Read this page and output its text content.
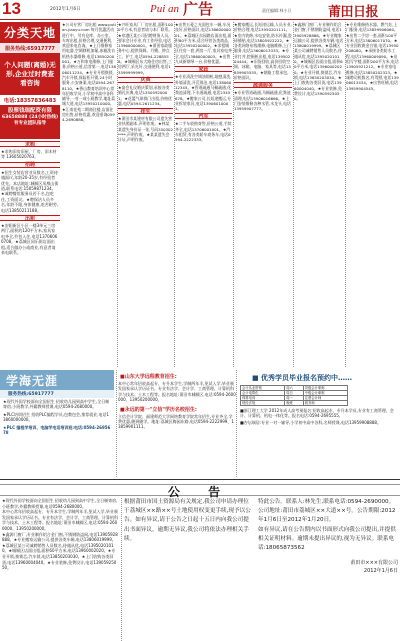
13	2012年1月6日	Pui an 广告	责任编辑:林小旦	莆田日报
分类天地
服务热线:65917777
个人问题(离婚)无
形,企业过时费查
看咨询
电话:18357836483
股票钱瑞配资有限
63658888 (24小时热线)
有专业团队指导
求购
★求购旧房旧屋、厂房、旧木材等 13605020763。
招聘
★招生女装店营业员数名,工资待遇面议,年龄20-35岁,有经验者优先。本店地址:城厢区凤凰山街道,联系电话:15059871234。★诚聘餐馆服务员若干名,包吃住,工资面议。★聘保洁人员多名,年龄不限,身体健康,吃苦耐劳,电话13850211188。
出租
★安阳新区小区一楼3单元三房两厅,面积约120平方米,家具家电齐全,拎包入住,电话13706060708。★荔城区同乐街店面出租,适合做办公或商业,有意者请来电联系。
★公司专营厂房出租 www.putian-jiaoyu.com 每月优惠活动进行中。另有仓库、办公室、车库出租,价格合理,交通便利,欢迎来电咨询。★上门维修家用电器,空调移机加氟,冰箱洗衣机热水器维修,电话13850200001。★万和家电维修,上门服务,价格公道,信誉第一,电话13806011234。★专业开锁换锁,汽车开锁,保险柜开锁,24小时服务,公安备案,电话0594-2678110。★香山教育培训中心常年招收学员,小学初中高中各科辅导,一对一或小班教学,地址荔城大道,电话13950210000。★江南花苑二期商住楼,店面住房出售,价格优惠,欢迎垂询0594-2690888。
★兴旺家具厂厂房出租,面积1000平方米,有意者请与本厂联系。★泉港区某公司招聘财务人员,要求会计专业,有工作经验,电话13960000001。★莆田家政服务中心,提供保姆、月嫂、钟点工、护工,电话0594-2288558。★城厢区东大路住房出售,三房两厅,采光好,交通便利,电话13599999999。
庆典
★宴会礼仪婚庆策划,承接各类婚礼庆典,电话13505920001。★花篮气球拱门出租,价格优惠,电话0594-2611234。
挂失
★莆田市某建材有限公司遗失营业执照副本,声明作废。★林某某遗失身份证一张,号码350302****,声明作废。★某某遗失会计证,声明作废。
★出售五菱之光面包车一辆,车况良好,价格面议,电话13860000001。★荔城区东园路店面出租,面积80平方米,适合经营各类商品,电话13950200002。★求租城区住房一套,两房一厅,家具家电齐全,电话13860000003。★出售九成新钢琴一台,价格优惠。
家政
★专业清洗空调油烟机,地毯清洗,外墙清洗,开荒保洁,电话13806012345。★管道疏通马桶疏通,化粪池清理,下水道疏通,电话2345678。★搬家公司,长短途搬运,专业拆装家具,电话13906010001。
汽车
★二手车收购寄售,价格公道,手续齐全,电话13706001001。★汽车租赁,有各类轿车商务车,电话0594-2222333。
★搬家搬运,长短途运输,人员专业,价格合理,电话13950201111。★室内装修,水电安装,防水补漏,瓷砖铺贴,电话13805922222。★各类网络布线维修,电脑维修,上门服务,电话13606013333。★专业打井,挖掘机出租,电话13950204444。★旧货回收,高价回收空调、冰箱、电脑、家具等,电话13859905555。★钢筋工程承包,价格面议。
疏通服务
★专业管道疏通,马桶疏通,化粪池清理,电话13906016666。★上门安装维修各种水管,水龙头,电话13959907777。
★鑫源门窗厂,专业制作铝合金门窗,不锈钢防盗网,电话13905928888。★专业搬家运输公司,提供各类车辆,电话13806019999。★荔城区某公司诚聘销售人员数名,待遇从优,电话13950201010。★城厢区店面出租,面积60平方米,电话13960002020。★专业开锁,换锁芯,汽车锁,电话13850203030。★上门收购各类旧货,电话13960004040。★专业装修,免费设计,电话13905925050。
★专业维修热水器、燃气灶,上门服务,电话13859906060。★出售二手房一套,面积100平方米,电话13806017070。★专业回收黄金白银,电话13950208080。★承接各类防水工程,电话13960009090。★出租写字楼,面积200平方米,电话13905921212。★专业家电维修,电话13850202323。★诚聘司机数名,有驾照,电话13906013434。★出售旺铺,电话13959904545。
学海无涯
服务热线:65917777
★现代外国学校面向全国招生 招收幼儿园到高中学生,全日制寄宿,小班教学,外籍教师授课,电话0594-2680000。
★PLC培训招生 招收PLC编程学员,包教包会,推荐就业,电话13860000000。
★PLC 编程学培训、电脑学电话培训班:电话:0594-2695678
■山东大学远程教育招生:
本中心常年招收高起专、专升本学生,学制两年半,免试入学,毕业颁发国家承认学历证书。专业有法学、会计学、工商管理、计算机科学与技术、土木工程等。报名地址:莆田市城厢区,电话:0594-2600000、13950200000。
■永远的第一"立信"学历名校招生:
立信会计学院、福建师范大学网络教育学院常年招生,专业齐全,学费优惠,随到随学。地址:荔城区梅园东路,电话0594-2222999、13859901111。
■ 优秀学员毕业报名预约中……
会计从业资格	周六	初级会计职称
会计电算化	周日	中级会计职称
珠算培训	周一	注册会计师
财经法规	晚班	税务师
■浙江理工大学 2012年成人高考预报名:招收高起专、专升本学员,专业有工商管理、会计、计算机、机电一体化等。报名电话:0594-2695555。
■杏坛瑞居:专业一对一辅导,小学初中高中各科,名师授课,电话13959908888。
公 告
★现代外国学校面向全国招生 招收幼儿园到高中学生,全日制寄宿,小班教学,外籍教师授课,电话0594-2680000。
本中心常年招收高起专、专升本学生,学制两年半,免试入学,毕业颁发国家承认学历证书。专业有法学、会计学、工商管理、计算机科学与技术、土木工程等。报名地址:莆田市城厢区,电话:0594-2600000、13950200000。
★鑫源门窗厂,专业制作铝合金门窗,不锈钢防盗网,电话13905928888。★专业搬家运输公司,提供各类车辆,电话13806019999。★荔城区某公司诚聘销售人员数名,待遇从优,电话13950201010。★城厢区店面出租,面积60平方米,电话13960002020。★专业开锁,换锁芯,汽车锁,电话13850203030。★上门收购各类旧货,电话13960004040。★专业装修,免费设计,电话13905925050。
根据莆田市国土资源局有关规定,我公司申请办理位于荔城区××路××号土地使用权变更手续,现予以公告。如有异议,请于公告之日起十五日内向我公司提出书面异议。逾期无异议,我公司将依法办理相关手续。
特此公告。联系人:林先生,联系电话:0594-2690000。公司地址:莆田市荔城区××大道××号。公告期限:2012年1月6日至2012年1月20日。
如有异议,请在公告期内以书面形式向我公司提出,并提供相关证明材料。逾期未提出异议的,视为无异议。联系电话:18065873562
莆田市×××有限公司
2012年1月6日
